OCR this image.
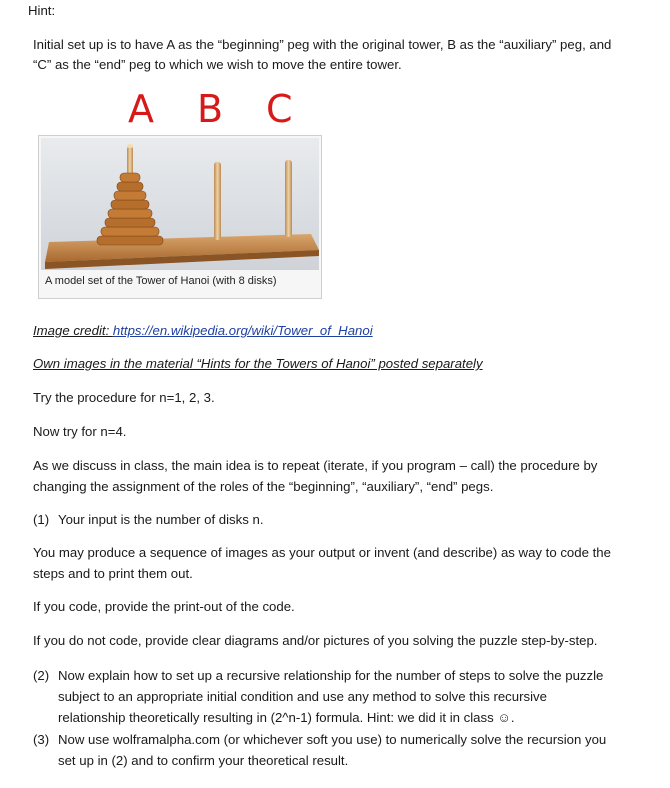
Hint:
Initial set up is to have A as the “beginning” peg with the original tower, B as the “auxiliary” peg, and
“C” as the “end” peg to which we wish to move the entire tower.
A B C
A model set of the Tower of Hanoi (with 8 disks)
Image credit: https://en.wikipedia.org/wiki/Tower_of_Hanoi
Own images in the material “Hints for the Towers of Hanoi” posted separately
Try the procedure for n=1, 2, 3.
Now try for n=4.
As we discuss in class, the main idea is to repeat (iterate, if you program – call) the procedure by
changing the assignment of the roles of the “beginning”, “auxiliary”, “end” pegs.
(1) Your input is the number of disks n.
You may produce a sequence of images as your output or invent (and describe) as way to code the
steps and to print them out.
If you code, provide the print-out of the code.
If you do not code, provide clear diagrams and/or pictures of you solving the puzzle step-by-step.
(2) Now explain how to set up a recursive relationship for the number of steps to solve the puzzle
subject to an appropriate initial condition and use any method to solve this recursive
relationship theoretically resulting in (2^n-1) formula. Hint: we did it in class ☺.
(3) Now use wolframalpha.com (or whichever soft you use) to numerically solve the recursion you
set up in (2) and to confirm your theoretical result.
